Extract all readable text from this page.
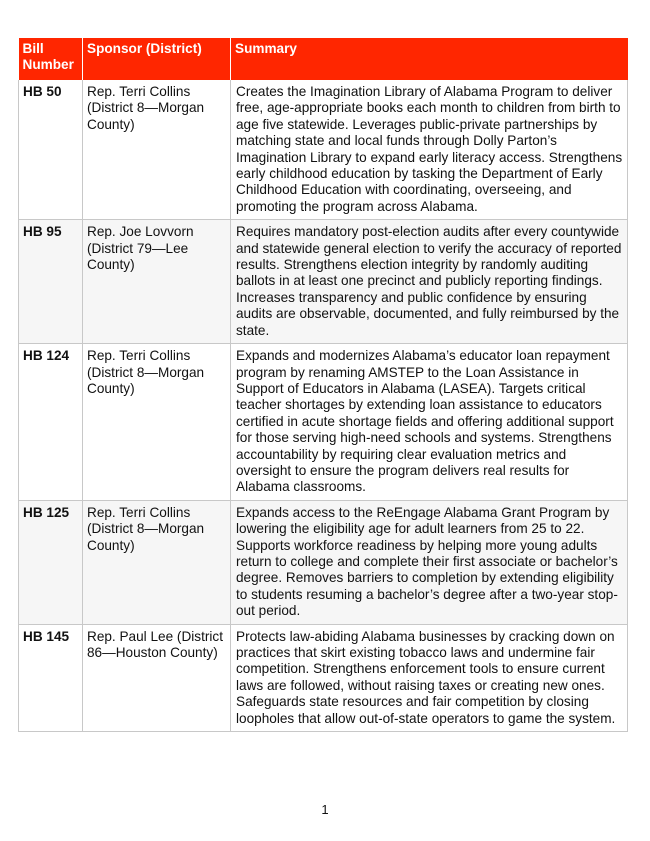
Bill Number	Sponsor (District)	Summary
HB 50	Rep. Terri Collins (District 8—Morgan County)	Creates the Imagination Library of Alabama Program to deliver free, age-appropriate books each month to children from birth to age five statewide. Leverages public-private partnerships by matching state and local funds through Dolly Parton’s Imagination Library to expand early literacy access. Strengthens early childhood education by tasking the Department of Early Childhood Education with coordinating, overseeing, and promoting the program across Alabama.
HB 95	Rep. Joe Lovvorn (District 79—Lee County)	Requires mandatory post-election audits after every countywide and statewide general election to verify the accuracy of reported results. Strengthens election integrity by randomly auditing ballots in at least one precinct and publicly reporting findings. Increases transparency and public confidence by ensuring audits are observable, documented, and fully reimbursed by the state.
HB 124	Rep. Terri Collins (District 8—Morgan County)	Expands and modernizes Alabama’s educator loan repayment program by renaming AMSTEP to the Loan Assistance in Support of Educators in Alabama (LASEA). Targets critical teacher shortages by extending loan assistance to educators certified in acute shortage fields and offering additional support for those serving high-need schools and systems. Strengthens accountability by requiring clear evaluation metrics and oversight to ensure the program delivers real results for Alabama classrooms.
HB 125	Rep. Terri Collins (District 8—Morgan County)	Expands access to the ReEngage Alabama Grant Program by lowering the eligibility age for adult learners from 25 to 22. Supports workforce readiness by helping more young adults return to college and complete their first associate or bachelor’s degree. Removes barriers to completion by extending eligibility to students resuming a bachelor’s degree after a two-year stop-out period.
HB 145	Rep. Paul Lee (District 86—Houston County)	Protects law-abiding Alabama businesses by cracking down on practices that skirt existing tobacco laws and undermine fair competition. Strengthens enforcement tools to ensure current laws are followed, without raising taxes or creating new ones. Safeguards state resources and fair competition by closing loopholes that allow out-of-state operators to game the system.
1
